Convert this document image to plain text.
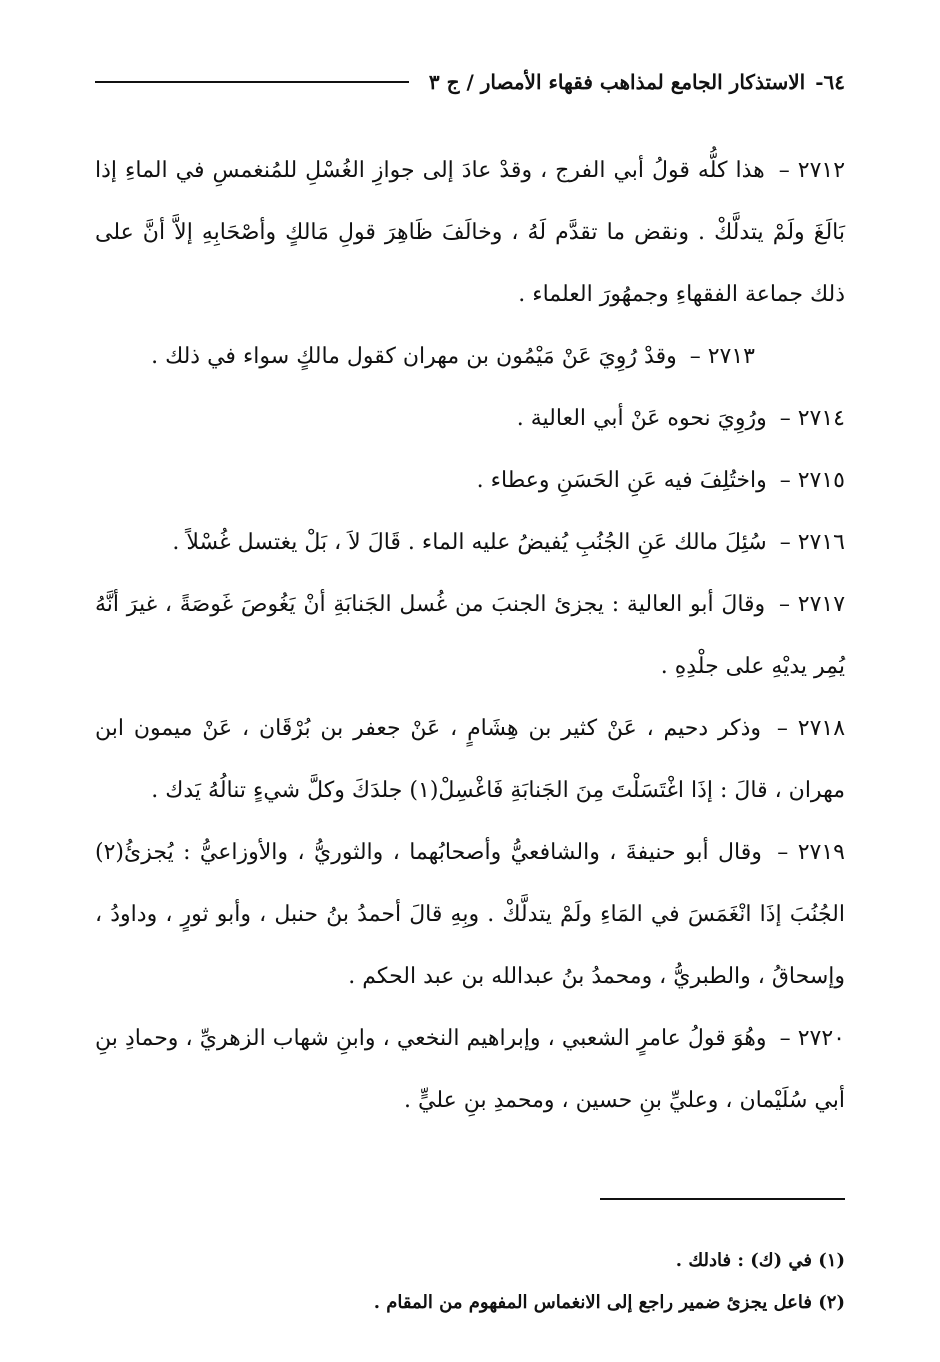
٦٤-
الاستذكار الجامع لمذاهب فقهاء الأمصار / ج ٣

٢٧١٢ – هذا كلُّه قولُ أبي الفرج ، وقدْ عادَ إلى جوازِ الغُسْلِ للمُنغمسِ في الماءِ إذا بَالَغَ ولَمْ يتدلَّكْ . ونقض ما تقدَّم لَهُ ، وخالَفَ ظَاهِرَ قولِ مَالكٍ وأصْحَابِهِ إلاَّ أنَّ على ذلك جماعة الفقهاءِ وجمهُورَ العلماء .

٢٧١٣ – وقدْ رُوِيَ عَنْ مَيْمُون بن مهران كقول مالكٍ سواء في ذلك .

٢٧١٤ – ورُوِيَ نحوه عَنْ أبي العالية .

٢٧١٥ – واختُلِفَ فيه عَنِ الحَسَنِ وعطاء .

٢٧١٦ – سُئِلَ مالك عَنِ الجُنُبِ يُفيضُ عليه الماء . قَالَ لاَ ، بَلْ يغتسل غُسْلاً .

٢٧١٧ – وقالَ أبو العالية : يجزئ الجنبَ من غُسل الجَنابَةِ أنْ يَغُوصَ غَوصَةً ، غيرَ أنَّهُ يُمِر يديْهِ على جلْدِهِ .

٢٧١٨ – وذكر دحيم ، عَنْ كثير بن هِشَامٍ ، عَنْ جعفر بن بُرْقَان ، عَنْ ميمون ابن مهران ، قالَ : إذَا اغْتَسَلْتَ مِنَ الجَنابَةِ فَاغْسِلْ(١) جلدَكَ وكلَّ شيءٍ تنالُهُ يَدك .

٢٧١٩ – وقال أبو حنيفةَ ، والشافعيُّ وأصحابُهما ، والثوريُّ ، والأوزاعيُّ : يُجزئُ(٢) الجُنُبَ إذَا انْغَمَسَ في المَاءِ ولَمْ يتدلَّكْ . وبِهِ قالَ أحمدُ بنُ حنبل ، وأبو ثورٍ ، وداودُ ، وإسحاقُ ، والطبريُّ ، ومحمدُ بنُ عبدالله بن عبد الحكم .

٢٧٢٠ – وهُوَ قولُ عامرٍ الشعبي ، وإبراهيم النخعي ، وابنِ شهاب الزهريِّ ، وحمادِ بنِ أبي سُلَيْمان ، وعليِّ بنِ حسين ، ومحمدِ بنِ عليٍّ .

(١) في (ك) : فادلك .

(٢) فاعل يجزئ ضمير راجع إلى الانغماس المفهوم من المقام .
